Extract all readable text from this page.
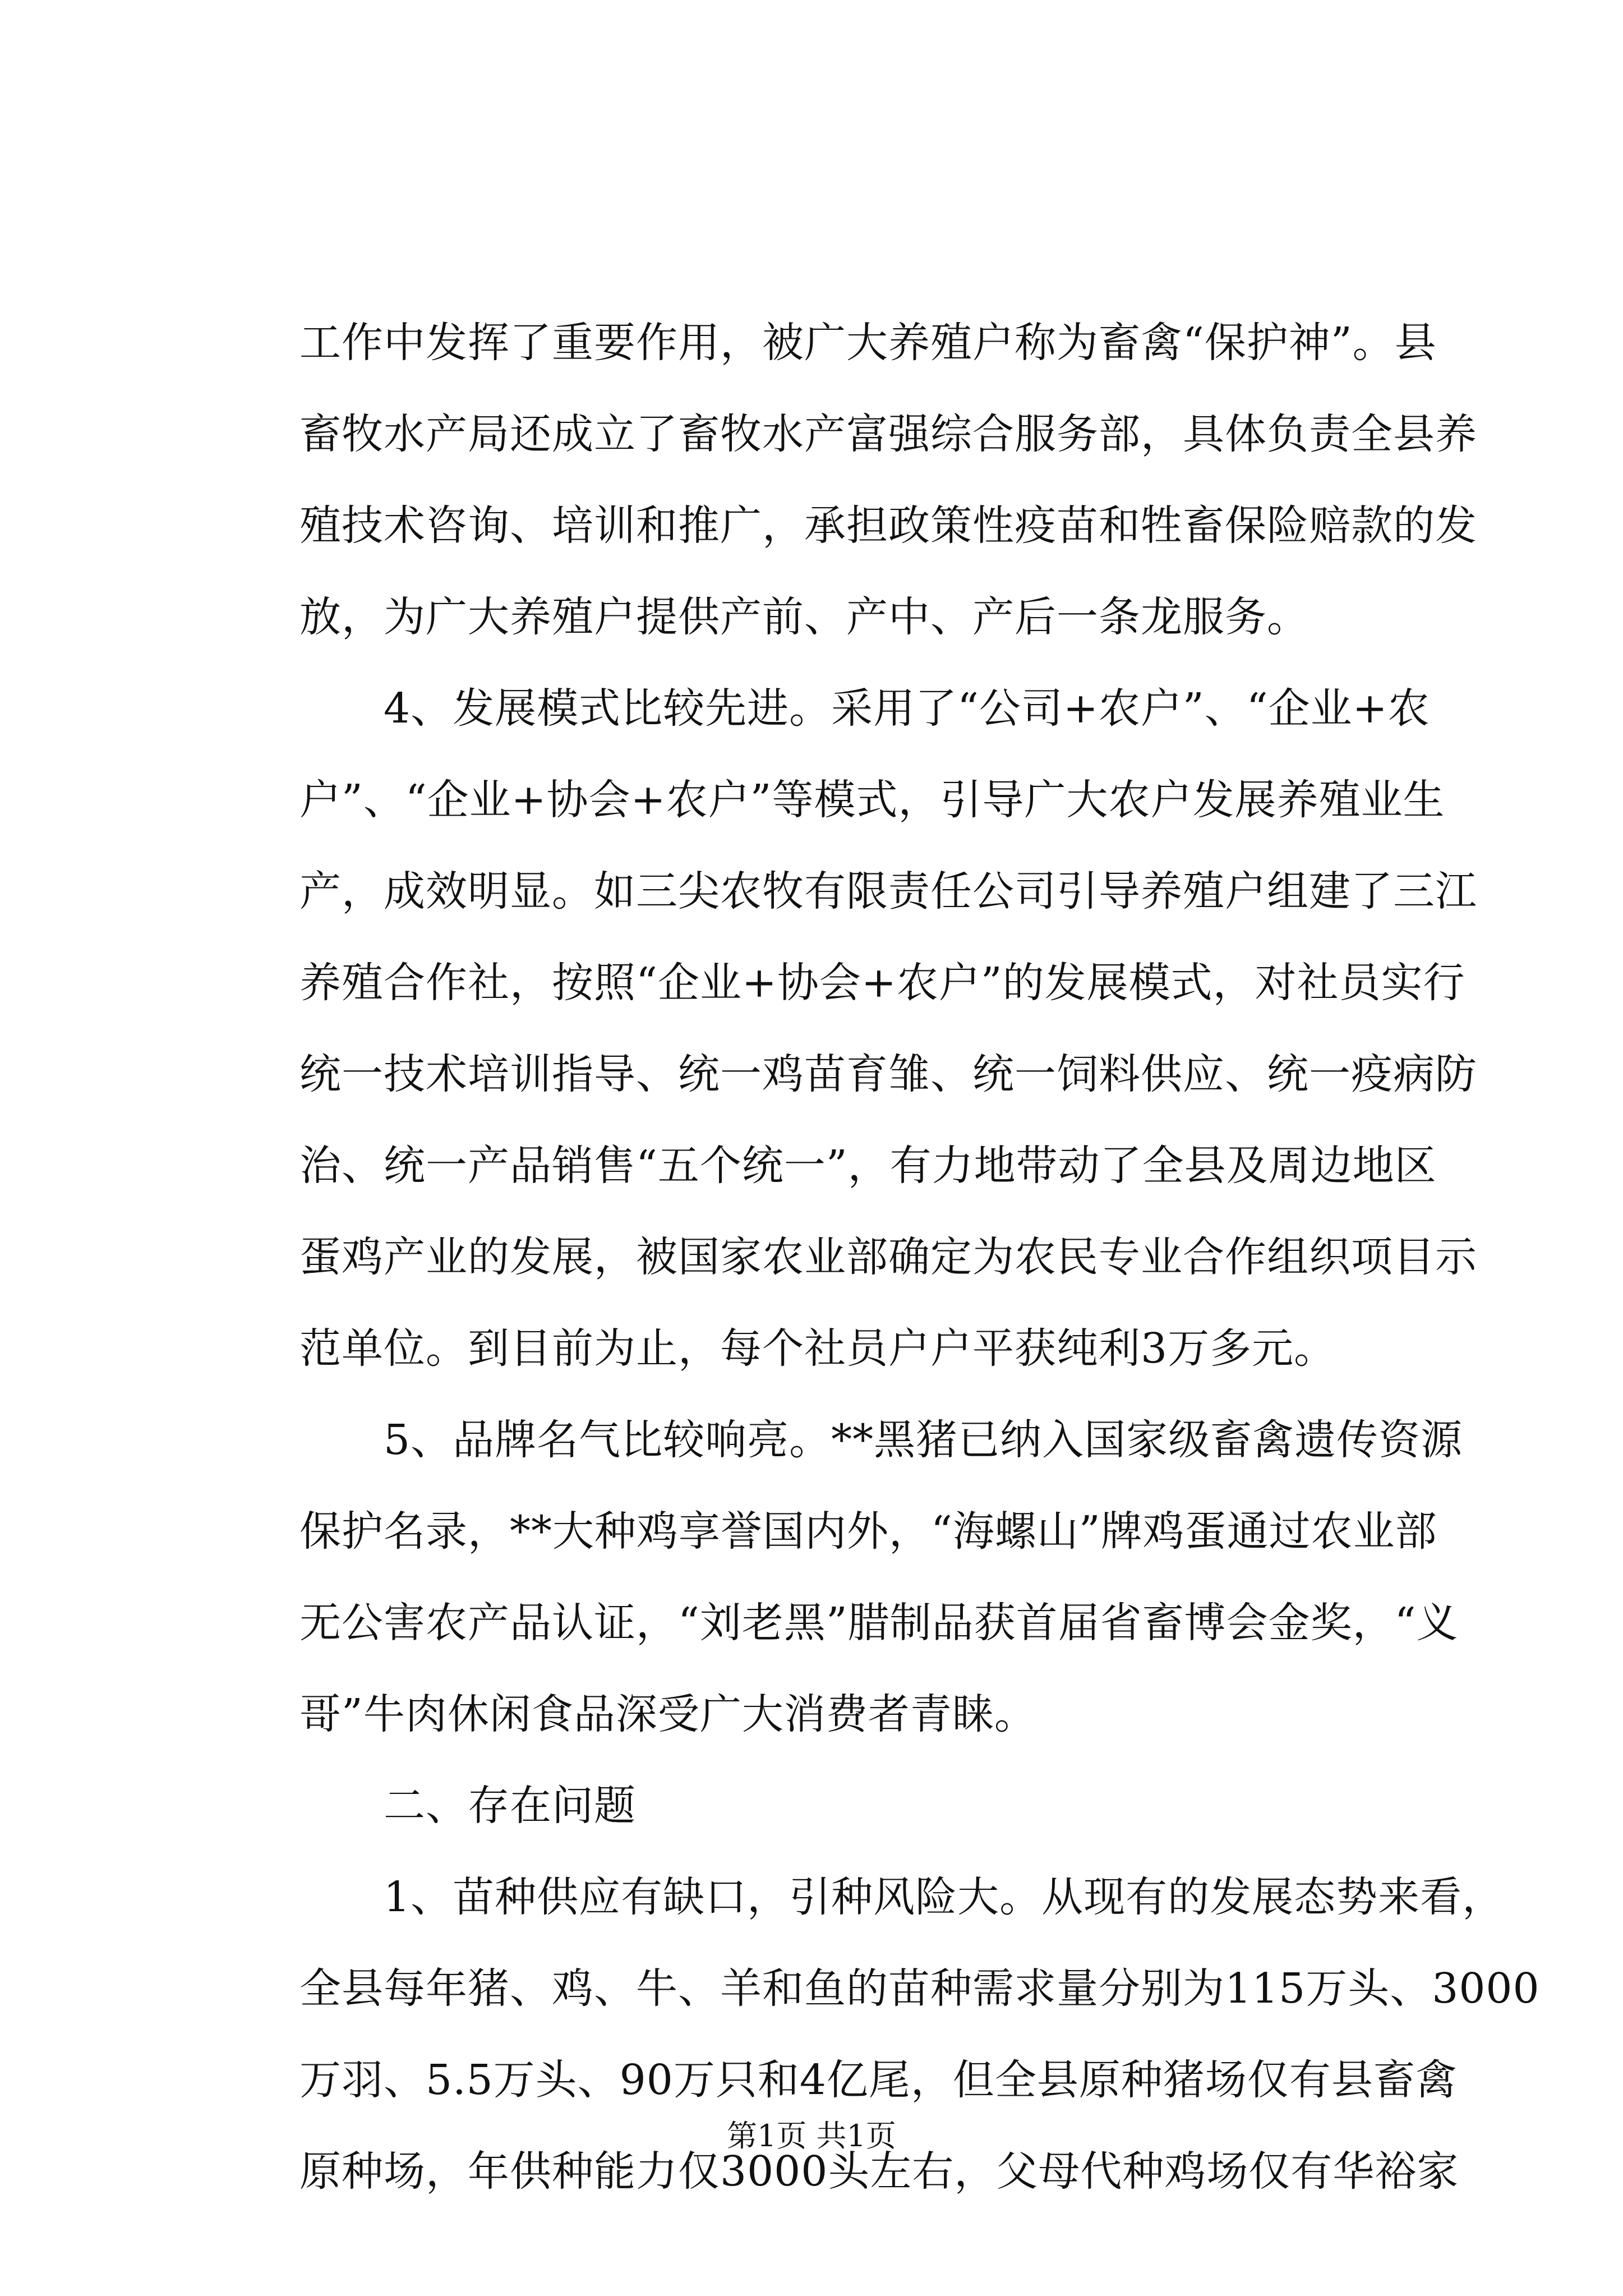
工作中发挥了重要作用，被广大养殖户称为畜禽“保护神”。县
畜牧水产局还成立了畜牧水产富强综合服务部，具体负责全县养
殖技术咨询、培训和推广，承担政策性疫苗和牲畜保险赔款的发
放，为广大养殖户提供产前、产中、产后一条龙服务。
4、发展模式比较先进。采用了“公司+农户”、“企业+农
户”、“企业+协会+农户”等模式，引导广大农户发展养殖业生
产，成效明显。如三尖农牧有限责任公司引导养殖户组建了三江
养殖合作社，按照“企业+协会+农户”的发展模式，对社员实行
统一技术培训指导、统一鸡苗育雏、统一饲料供应、统一疫病防
治、统一产品销售“五个统一”，有力地带动了全县及周边地区
蛋鸡产业的发展，被国家农业部确定为农民专业合作组织项目示
范单位。到目前为止，每个社员户户平获纯利3万多元。
5、品牌名气比较响亮。**黑猪已纳入国家级畜禽遗传资源
保护名录，**大种鸡享誉国内外，“海螺山”牌鸡蛋通过农业部
无公害农产品认证，“刘老黑”腊制品获首届省畜博会金奖，“义
哥”牛肉休闲食品深受广大消费者青睐。
二、存在问题
1、苗种供应有缺口，引种风险大。从现有的发展态势来看，
全县每年猪、鸡、牛、羊和鱼的苗种需求量分别为115万头、3000
万羽、5.5万头、90万只和4亿尾，但全县原种猪场仅有县畜禽
原种场，年供种能力仅3000头左右，父母代种鸡场仅有华裕家
第1页 共1页
